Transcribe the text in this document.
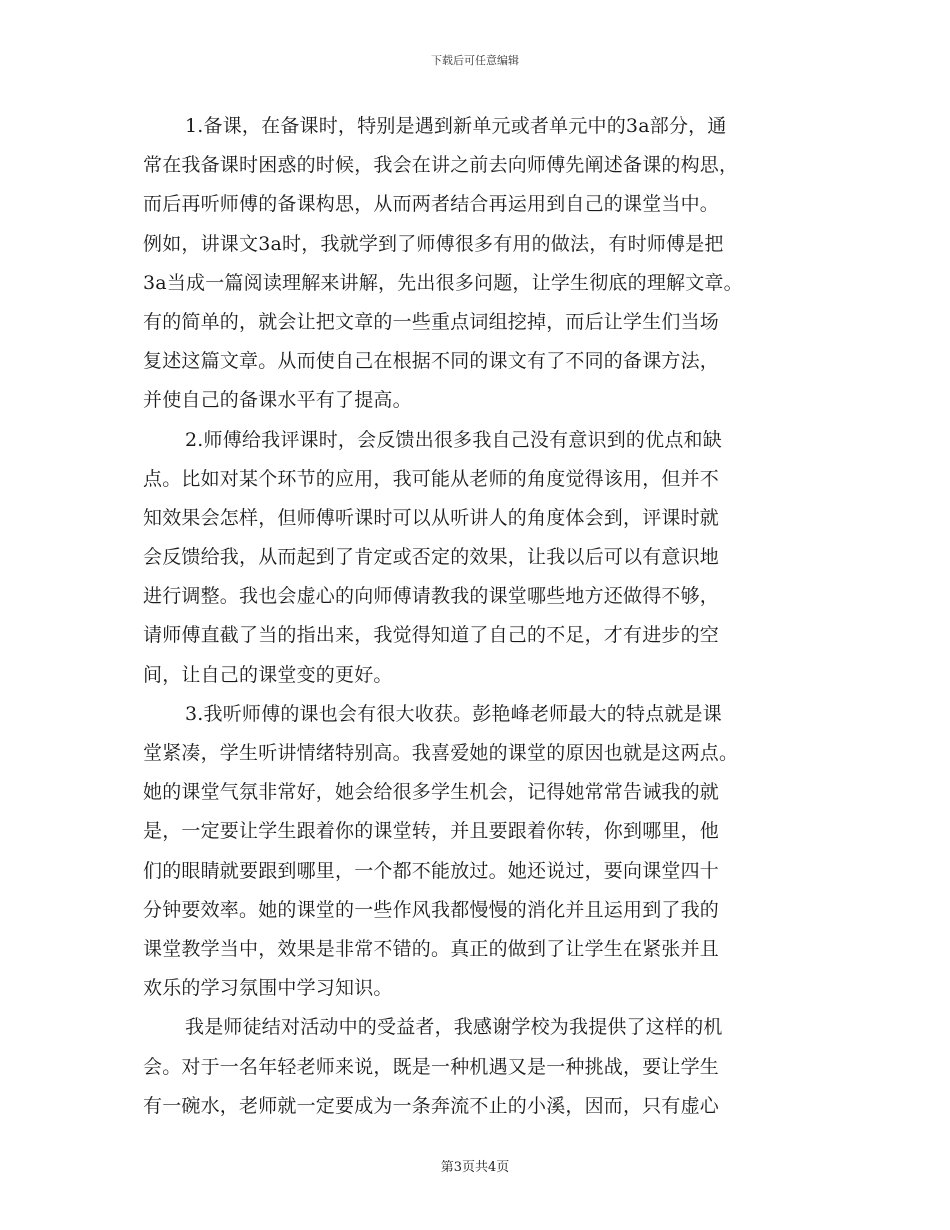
下载后可任意编辑
1.备课，在备课时，特别是遇到新单元或者单元中的3a部分，通
常在我备课时困惑的时候，我会在讲之前去向师傅先阐述备课的构思，
而后再听师傅的备课构思，从而两者结合再运用到自己的课堂当中。
例如，讲课文3a时，我就学到了师傅很多有用的做法，有时师傅是把
3a当成一篇阅读理解来讲解，先出很多问题，让学生彻底的理解文章。
有的简单的，就会让把文章的一些重点词组挖掉，而后让学生们当场
复述这篇文章。从而使自己在根据不同的课文有了不同的备课方法，
并使自己的备课水平有了提高。
2.师傅给我评课时，会反馈出很多我自己没有意识到的优点和缺
点。比如对某个环节的应用，我可能从老师的角度觉得该用，但并不
知效果会怎样，但师傅听课时可以从听讲人的角度体会到，评课时就
会反馈给我，从而起到了肯定或否定的效果，让我以后可以有意识地
进行调整。我也会虚心的向师傅请教我的课堂哪些地方还做得不够，
请师傅直截了当的指出来，我觉得知道了自己的不足，才有进步的空
间，让自己的课堂变的更好。
3.我听师傅的课也会有很大收获。彭艳峰老师最大的特点就是课
堂紧凑，学生听讲情绪特别高。我喜爱她的课堂的原因也就是这两点。
她的课堂气氛非常好，她会给很多学生机会，记得她常常告诫我的就
是，一定要让学生跟着你的课堂转，并且要跟着你转，你到哪里，他
们的眼睛就要跟到哪里，一个都不能放过。她还说过，要向课堂四十
分钟要效率。她的课堂的一些作风我都慢慢的消化并且运用到了我的
课堂教学当中，效果是非常不错的。真正的做到了让学生在紧张并且
欢乐的学习氛围中学习知识。
我是师徒结对活动中的受益者，我感谢学校为我提供了这样的机
会。对于一名年轻老师来说，既是一种机遇又是一种挑战，要让学生
有一碗水，老师就一定要成为一条奔流不止的小溪，因而，只有虚心
第3页共4页
